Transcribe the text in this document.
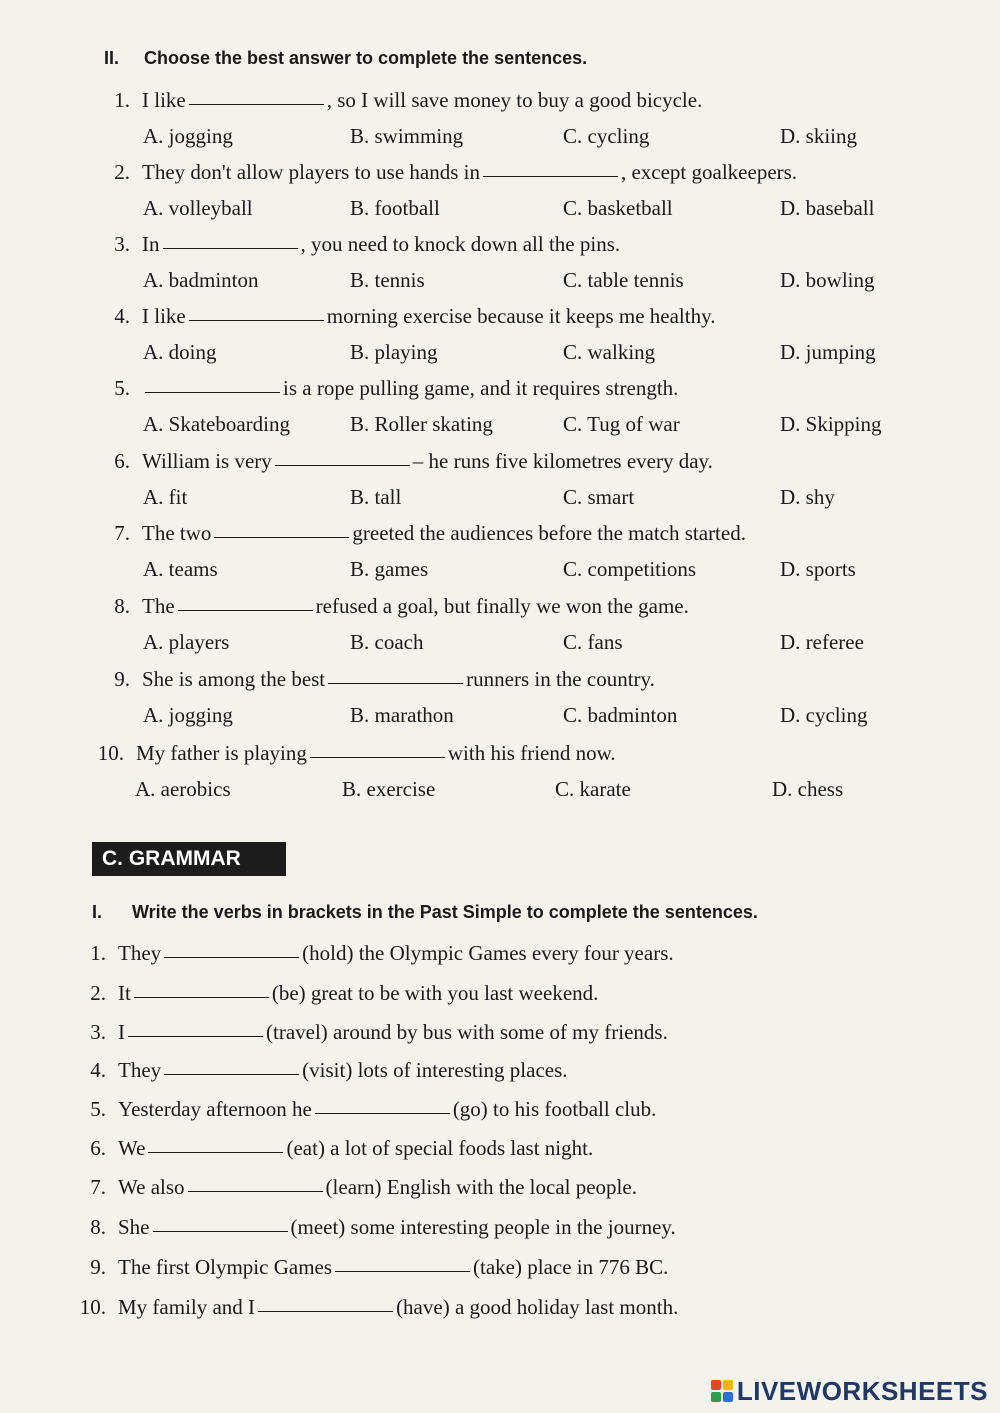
II. Choose the best answer to complete the sentences.
1. I like	, so I will save money to buy a good bicycle.
A. jogging	B. swimming	C. cycling	D. skiing
2. They don't allow players to use hands in	, except goalkeepers.
A. volleyball	B. football	C. basketball	D. baseball
3. In	, you need to knock down all the pins.
A. badminton	B. tennis	C. table tennis	D. bowling
4. I like	morning exercise because it keeps me healthy.
A. doing	B. playing	C. walking	D. jumping
5.	is a rope pulling game, and it requires strength.
A. Skateboarding	B. Roller skating	C. Tug of war	D. Skipping
6. William is very	– he runs five kilometres every day.
A. fit	B. tall	C. smart	D. shy
7. The two	greeted the audiences before the match started.
A. teams	B. games	C. competitions	D. sports
8. The	refused a goal, but finally we won the game.
A. players	B. coach	C. fans	D. referee
9. She is among the best	runners in the country.
A. jogging	B. marathon	C. badminton	D. cycling
10. My father is playing	with his friend now.
A. aerobics	B. exercise	C. karate	D. chess
C. GRAMMAR
I. Write the verbs in brackets in the Past Simple to complete the sentences.
1. They	(hold) the Olympic Games every four years.
2. It	(be) great to be with you last weekend.
3. I	(travel) around by bus with some of my friends.
4. They	(visit) lots of interesting places.
5. Yesterday afternoon he	(go) to his football club.
6. We	(eat) a lot of special foods last night.
7. We also	(learn) English with the local people.
8. She	(meet) some interesting people in the journey.
9. The first Olympic Games	(take) place in 776 BC.
10. My family and I	(have) a good holiday last month.
LIVEWORKSHEETS
